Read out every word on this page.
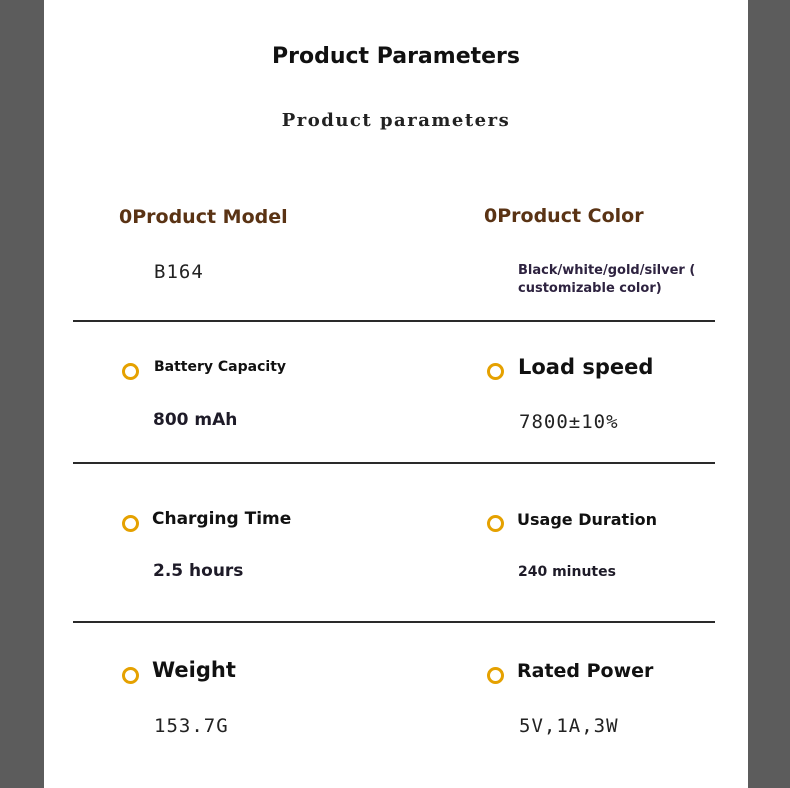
Product Parameters
Product parameters
0Product Model
B164
0Product Color
Black/white/gold/silver ( customizable color)
Battery Capacity
800 mAh
Load speed
7800±10%
Charging Time
2.5 hours
Usage Duration
240 minutes
Weight
153.7G
Rated Power
5V,1A,3W
